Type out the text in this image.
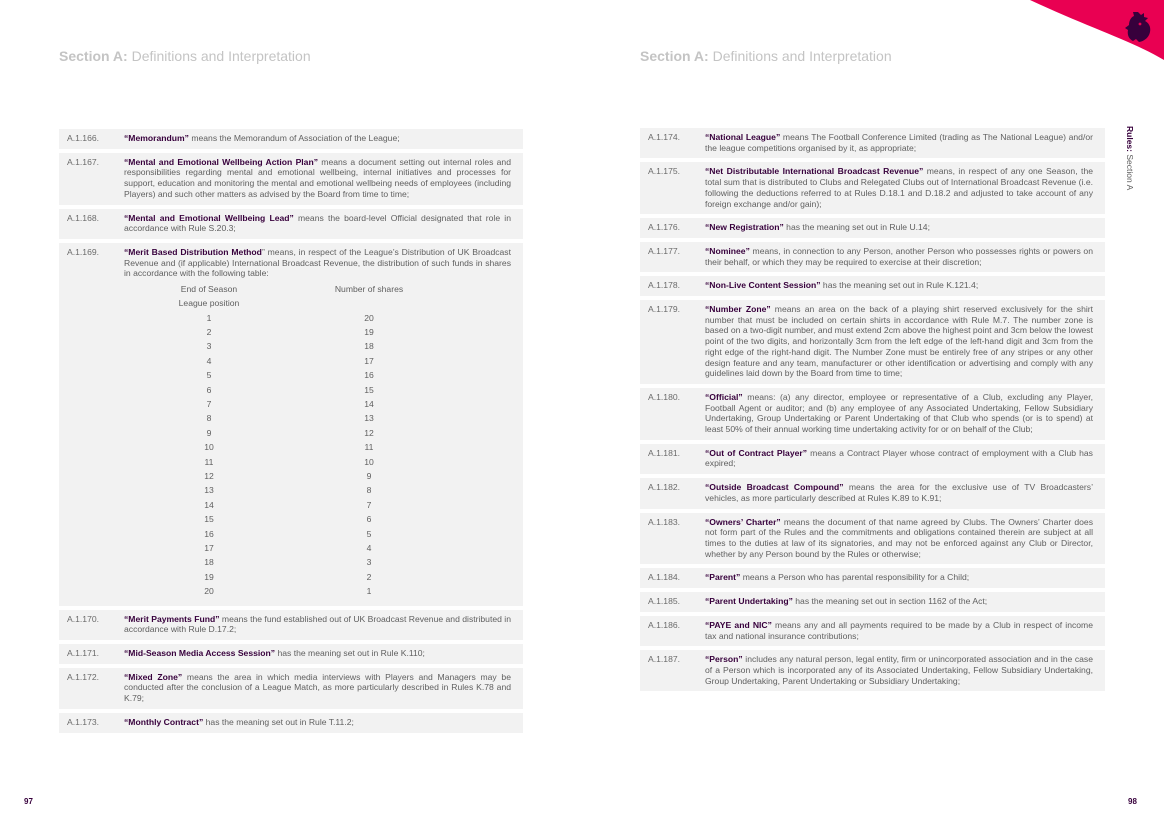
Section A: Definitions and Interpretation
A.1.166.	“Memorandum” means the Memorandum of Association of the League;
A.1.167.	“Mental and Emotional Wellbeing Action Plan” means a document setting out internal roles and responsibilities regarding mental and emotional wellbeing, internal initiatives and processes for support, education and monitoring the mental and emotional wellbeing needs of employees (including Players) and such other matters as advised by the Board from time to time;
A.1.168.	“Mental and Emotional Wellbeing Lead” means the board-level Official designated that role in accordance with Rule S.20.3;
A.1.169.	“Merit Based Distribution Method” means, in respect of the League’s Distribution of UK Broadcast Revenue and (if applicable) International Broadcast Revenue, the distribution of such funds in shares in accordance with the following table:
End of Season	Number of shares
League position	
1	20
2	19
3	18
4	17
5	16
6	15
7	14
8	13
9	12
10	11
11	10
12	9
13	8
14	7
15	6
16	5
17	4
18	3
19	2
20	1
A.1.170.	“Merit Payments Fund” means the fund established out of UK Broadcast Revenue and distributed in accordance with Rule D.17.2;
A.1.171.	“Mid-Season Media Access Session” has the meaning set out in Rule K.110;
A.1.172.	“Mixed Zone” means the area in which media interviews with Players and Managers may be conducted after the conclusion of a League Match, as more particularly described in Rules K.78 and K.79;
A.1.173.	“Monthly Contract” has the meaning set out in Rule T.11.2;
97
Section A: Definitions and Interpretation
A.1.174.	“National League” means The Football Conference Limited (trading as The National League) and/or the league competitions organised by it, as appropriate;
A.1.175.	“Net Distributable International Broadcast Revenue” means, in respect of any one Season, the total sum that is distributed to Clubs and Relegated Clubs out of International Broadcast Revenue (i.e. following the deductions referred to at Rules D.18.1 and D.18.2 and adjusted to take account of any foreign exchange and/or gain);
A.1.176.	“New Registration” has the meaning set out in Rule U.14;
A.1.177.	“Nominee” means, in connection to any Person, another Person who possesses rights or powers on their behalf, or which they may be required to exercise at their discretion;
A.1.178.	“Non-Live Content Session” has the meaning set out in Rule K.121.4;
A.1.179.	“Number Zone” means an area on the back of a playing shirt reserved exclusively for the shirt number that must be included on certain shirts in accordance with Rule M.7. The number zone is based on a two-digit number, and must extend 2cm above the highest point and 3cm below the lowest point of the two digits, and horizontally 3cm from the left edge of the left-hand digit and 3cm from the right edge of the right-hand digit. The Number Zone must be entirely free of any stripes or any other design feature and any team, manufacturer or other identification or advertising and comply with any guidelines laid down by the Board from time to time;
A.1.180.	“Official” means: (a) any director, employee or representative of a Club, excluding any Player, Football Agent or auditor; and (b) any employee of any Associated Undertaking, Fellow Subsidiary Undertaking, Group Undertaking or Parent Undertaking of that Club who spends (or is to spend) at least 50% of their annual working time undertaking activity for or on behalf of the Club;
A.1.181.	“Out of Contract Player” means a Contract Player whose contract of employment with a Club has expired;
A.1.182.	“Outside Broadcast Compound” means the area for the exclusive use of TV Broadcasters’ vehicles, as more particularly described at Rules K.89 to K.91;
A.1.183.	“Owners’ Charter” means the document of that name agreed by Clubs. The Owners’ Charter does not form part of the Rules and the commitments and obligations contained therein are subject at all times to the duties at law of its signatories, and may not be enforced against any Club or Director, whether by any Person bound by the Rules or otherwise;
A.1.184.	“Parent” means a Person who has parental responsibility for a Child;
A.1.185.	“Parent Undertaking” has the meaning set out in section 1162 of the Act;
A.1.186.	“PAYE and NIC” means any and all payments required to be made by a Club in respect of income tax and national insurance contributions;
A.1.187.	“Person” includes any natural person, legal entity, firm or unincorporated association and in the case of a Person which is incorporated any of its Associated Undertaking, Fellow Subsidiary Undertaking, Group Undertaking, Parent Undertaking or Subsidiary Undertaking;
98
Rules: Section A
